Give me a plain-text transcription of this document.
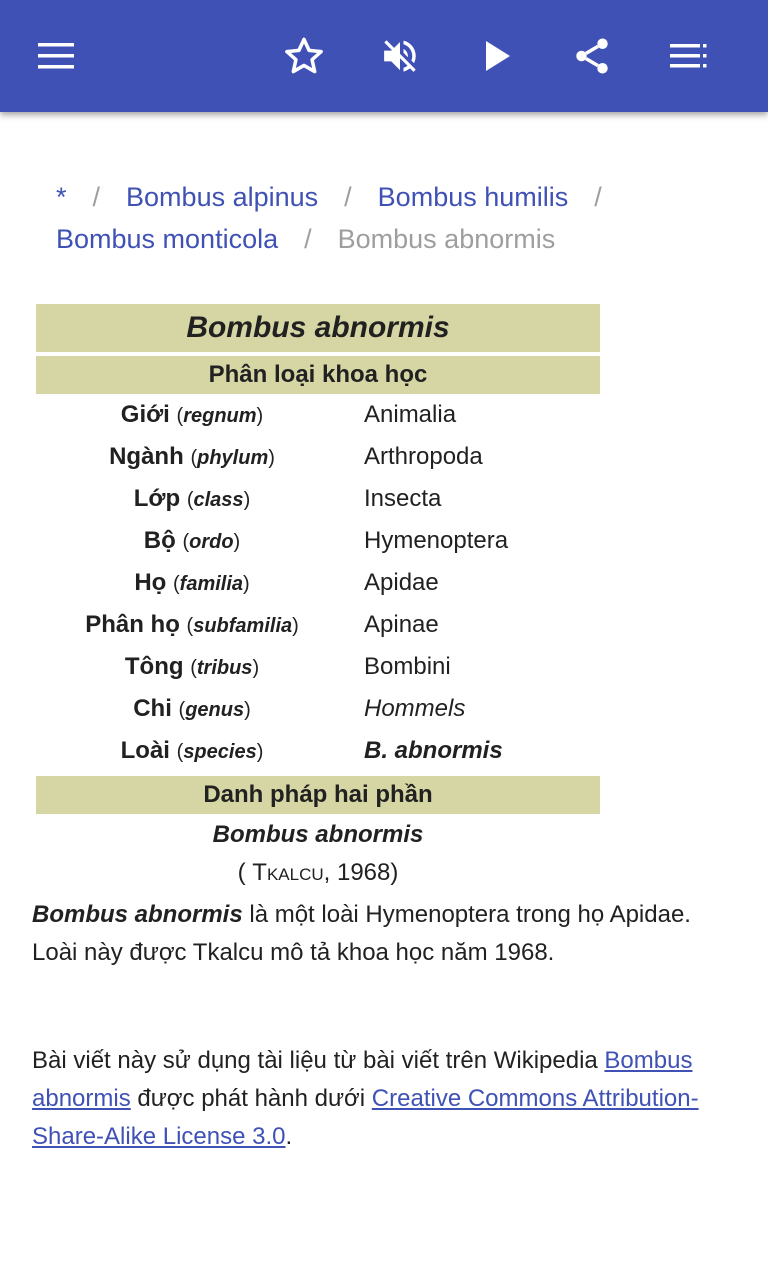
* / Bombus alpinus / Bombus humilis /
Bombus monticola / Bombus abnormis
Bombus abnormis
Phân loại khoa học
Giới (regnum)	Animalia
Ngành (phylum)	Arthropoda
Lớp (class)	Insecta
Bộ (ordo)	Hymenoptera
Họ (familia)	Apidae
Phân họ (subfamilia)	Apinae
Tông (tribus)	Bombini
Chi (genus)	Hommels
Loài (species)	B. abnormis
Danh pháp hai phần
Bombus abnormis
( Tkalcu, 1968)
Bombus abnormis là một loài Hymenoptera trong họ Apidae. Loài này được Tkalcu mô tả khoa học năm 1968.
Bài viết này sử dụng tài liệu từ bài viết trên Wikipedia Bombus abnormis được phát hành dưới Creative Commons Attribution-Share-Alike License 3.0.
